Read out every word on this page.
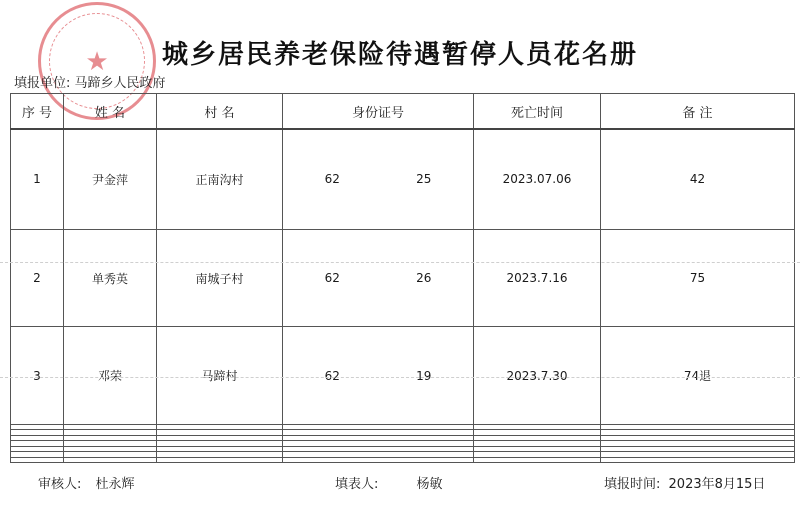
★	城乡居民养老保险待遇暂停人员花名册
填报单位: 马蹄乡人民政府
序 号	姓 名	村 名	身份证号	死亡时间	备 注
1	尹金萍	正南沟村	62                    25	2023.07.06	42
2	单秀英	南城子村	62                    26	2023.7.16	75
3	邓荣	马蹄村	62                    19	2023.7.30	74退

审核人: 杜永辉	填表人:	杨敏	填报时间: 2023年8月15日
